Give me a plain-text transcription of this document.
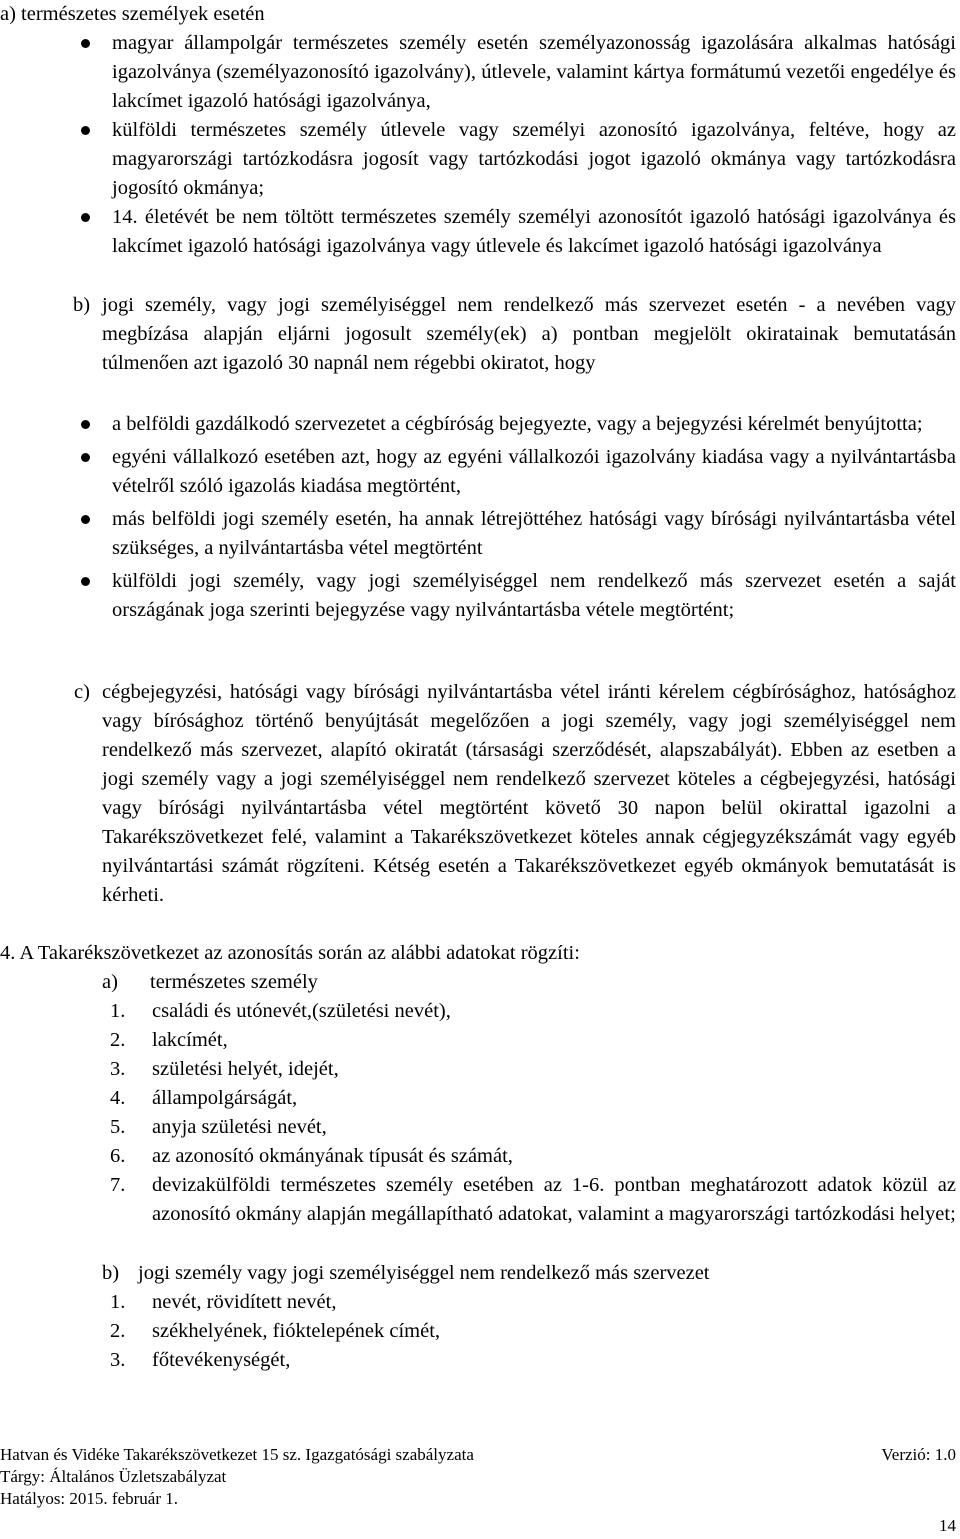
a) természetes személyek esetén

magyar állampolgár természetes személy esetén személyazonosság igazolására alkalmas hatósági igazolványa (személyazonosító igazolvány), útlevele, valamint kártya formátumú vezetői engedélye és lakcímet igazoló hatósági igazolványa,

külföldi természetes személy útlevele vagy személyi azonosító igazolványa, feltéve, hogy az magyarországi tartózkodásra jogosít vagy tartózkodási jogot igazoló okmánya vagy tartózkodásra jogosító okmánya;

14. életévét be nem töltött természetes személy személyi azonosítót igazoló hatósági igazolványa és lakcímet igazoló hatósági igazolványa vagy útlevele és lakcímet igazoló hatósági igazolványa

b) jogi személy, vagy jogi személyiséggel nem rendelkező más szervezet esetén - a nevében vagy megbízása alapján eljárni jogosult személy(ek) a) pontban megjelölt okiratainak bemutatásán túlmenően azt igazoló 30 napnál nem régebbi okiratot, hogy

a belföldi gazdálkodó szervezetet a cégbíróság bejegyezte, vagy a bejegyzési kérelmét benyújtotta;

egyéni vállalkozó esetében azt, hogy az egyéni vállalkozói igazolvány kiadása vagy a nyilvántartásba vételről szóló igazolás kiadása megtörtént,

más belföldi jogi személy esetén, ha annak létrejöttéhez hatósági vagy bírósági nyilvántartásba vétel szükséges, a nyilvántartásba vétel megtörtént

külföldi jogi személy, vagy jogi személyiséggel nem rendelkező más szervezet esetén a saját országának joga szerinti bejegyzése vagy nyilvántartásba vétele megtörtént;

c) cégbejegyzési, hatósági vagy bírósági nyilvántartásba vétel iránti kérelem cégbírósághoz, hatósághoz vagy bírósághoz történő benyújtását megelőzően a jogi személy, vagy jogi személyiséggel nem rendelkező más szervezet, alapító okiratát (társasági szerződését, alapszabályát). Ebben az esetben a jogi személy vagy a jogi személyiséggel nem rendelkező szervezet köteles a cégbejegyzési, hatósági vagy bírósági nyilvántartásba vétel megtörtént követő 30 napon belül okirattal igazolni a Takarékszövetkezet felé, valamint a Takarékszövetkezet köteles annak cégjegyzékszámát vagy egyéb nyilvántartási számát rögzíteni. Kétség esetén a Takarékszövetkezet egyéb okmányok bemutatását is kérheti.

4. A Takarékszövetkezet az azonosítás során az alábbi adatokat rögzíti:

a) természetes személy

1. családi és utónevét,(születési nevét),

2. lakcímét,

3. születési helyét, idejét,

4. állampolgárságát,

5. anyja születési nevét,

6. az azonosító okmányának típusát és számát,

7. devizakülföldi természetes személy esetében az 1-6. pontban meghatározott adatok közül az azonosító okmány alapján megállapítható adatokat, valamint a magyarországi tartózkodási helyet;

b) jogi személy vagy jogi személyiséggel nem rendelkező más szervezet

1. nevét, rövidített nevét,

2. székhelyének, fióktelepének címét,

3. főtevékenységét,

Hatvan és Vidéke Takarékszövetkezet 15 sz. Igazgatósági szabályzata	Verzió: 1.0
Tárgy: Általános Üzletszabályzat
Hatályos: 2015. február 1.
14
